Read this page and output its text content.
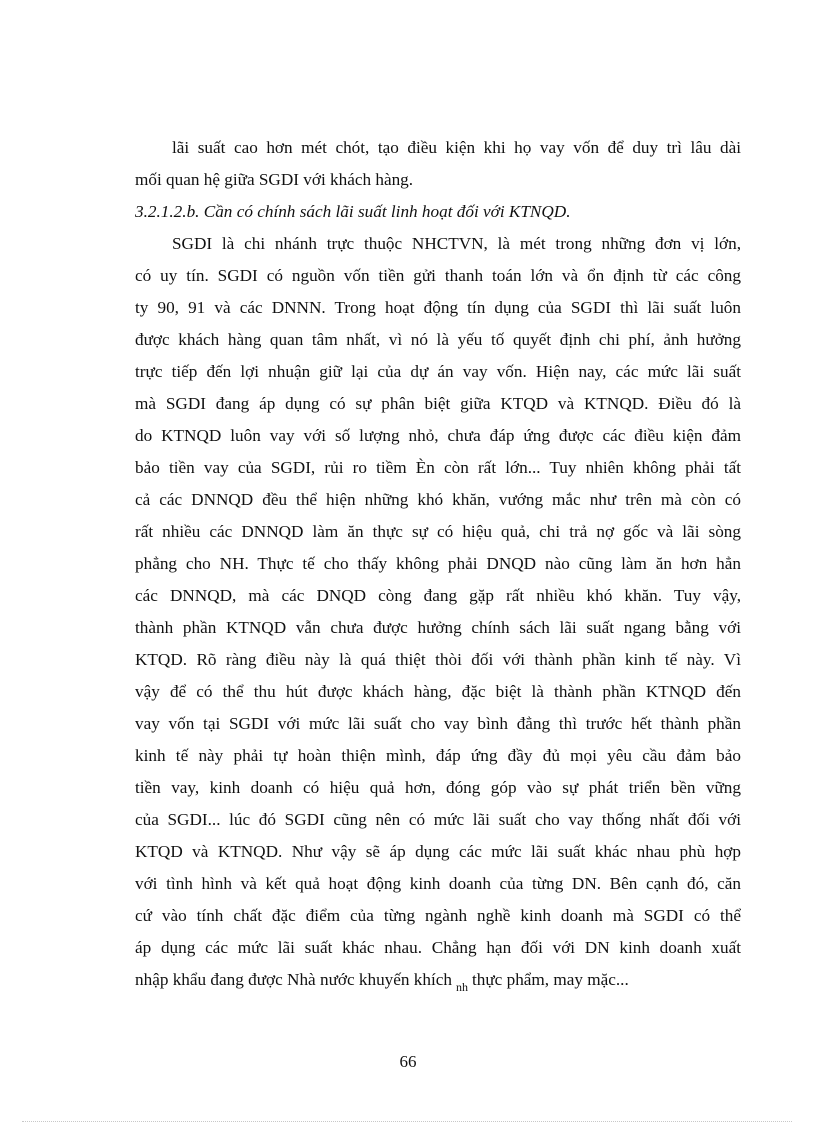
lãi suất cao hơn mét chót, tạo điều kiện khi họ vay vốn để duy trì lâu dài
mối quan hệ giữa SGDI với khách hàng.
3.2.1.2.b. Cần có chính sách lãi suất linh hoạt đối với KTNQD.
SGDI là chi nhánh trực thuộc NHCTVN, là mét trong những đơn vị lớn,
có uy tín. SGDI có nguồn vốn tiền gửi thanh toán lớn và ổn định từ các công
ty 90, 91 và các DNNN. Trong hoạt động tín dụng của SGDI thì lãi suất luôn
được khách hàng quan tâm nhất, vì nó là yếu tố quyết định chi phí, ảnh hưởng
trực tiếp đến lợi nhuận giữ lại của dự án vay vốn. Hiện nay, các mức lãi suất
mà SGDI đang áp dụng có sự phân biệt giữa KTQD và KTNQD. Điều đó là
do KTNQD luôn vay với số lượng nhỏ, chưa đáp ứng được các điều kiện đảm
bảo tiền vay của SGDI, rủi ro tiềm Èn còn rất lớn... Tuy nhiên không phải tất
cả các DNNQD đều thể hiện những khó khăn, vướng mắc như trên mà còn có
rất nhiều các DNNQD làm ăn thực sự có hiệu quả, chi trả nợ gốc và lãi sòng
phẳng cho NH. Thực tế cho thấy không phải DNQD nào cũng làm ăn hơn hẳn
các DNNQD, mà các DNQD còng đang gặp rất nhiều khó khăn. Tuy vậy,
thành phần KTNQD vẫn chưa được hưởng chính sách lãi suất ngang bằng với
KTQD. Rõ ràng điều này là quá thiệt thòi đối với thành phần kinh tế này. Vì
vậy để có thể thu hút được khách hàng, đặc biệt là thành phần KTNQD đến
vay vốn tại SGDI với mức lãi suất cho vay bình đẳng thì trước hết thành phần
kinh tế này phải tự hoàn thiện mình, đáp ứng đầy đủ mọi yêu cầu đảm bảo
tiền vay, kinh doanh có hiệu quả hơn, đóng góp vào sự phát triển bền vững
của SGDI... lúc đó SGDI cũng nên có mức lãi suất cho vay thống nhất đối với
KTQD và KTNQD. Như vậy sẽ áp dụng các mức lãi suất khác nhau phù hợp
với tình hình và kết quả hoạt động kinh doanh của từng DN. Bên cạnh đó, căn
cứ vào tính chất đặc điểm của từng ngành nghề kinh doanh mà SGDI có thể
áp dụng các mức lãi suất khác nhau. Chẳng hạn đối với DN kinh doanh xuất
nhập khẩu đang được Nhà nước khuyến khích $_{nh}$ thực phẩm, may mặc...
66
